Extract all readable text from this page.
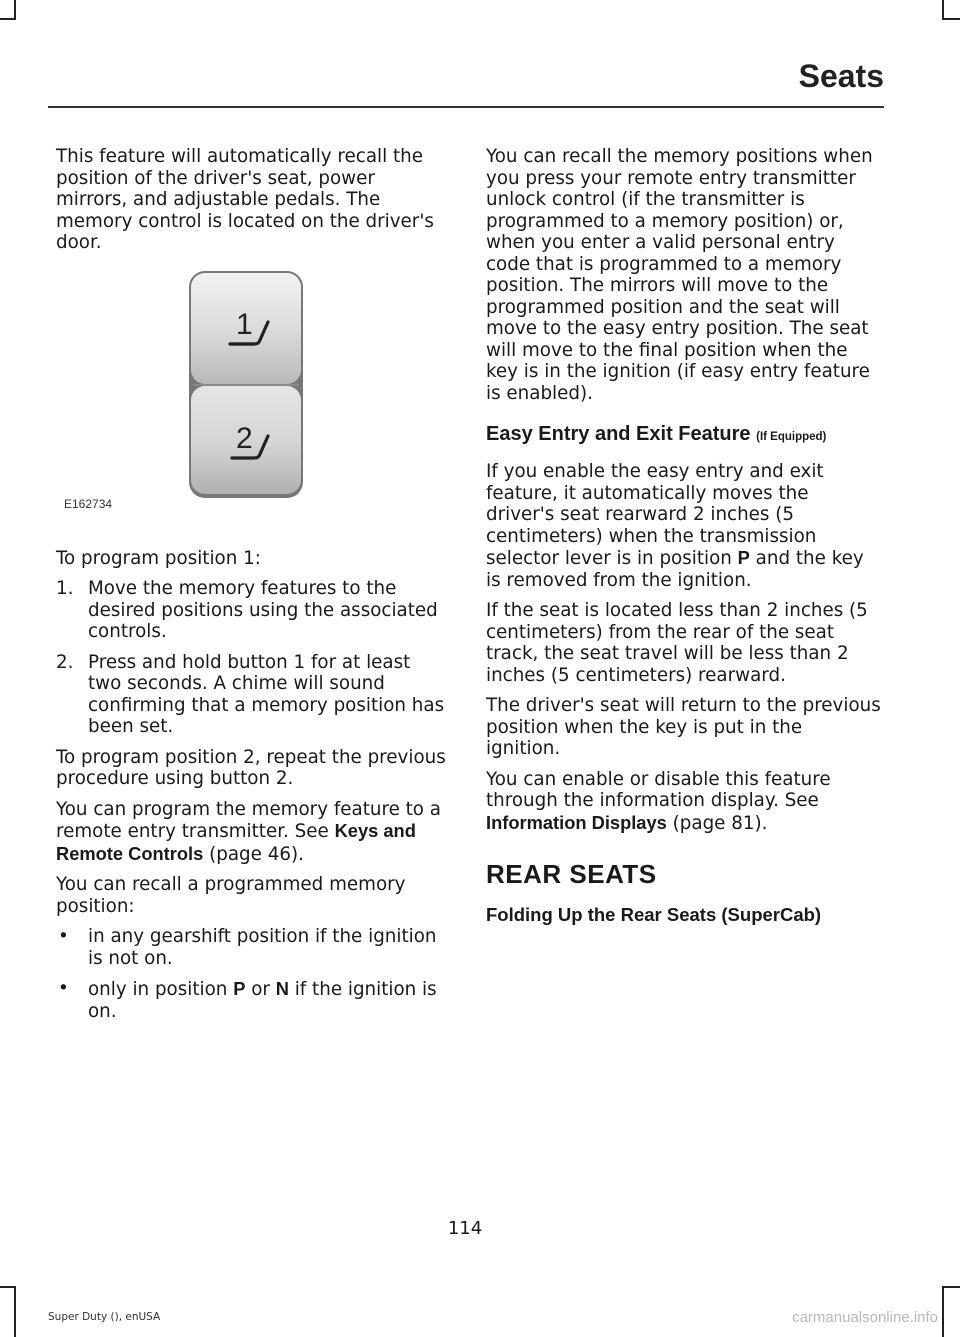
Seats

This feature will automatically recall the position of the driver's seat, power mirrors, and adjustable pedals. The memory control is located on the driver's door.

1
2
E162734

To program position 1:

1. Move the memory features to the desired positions using the associated controls.
2. Press and hold button 1 for at least two seconds. A chime will sound confirming that a memory position has been set.

To program position 2, repeat the previous procedure using button 2.

You can program the memory feature to a remote entry transmitter. See Keys and Remote Controls (page 46).

You can recall a programmed memory position:

• in any gearshift position if the ignition is not on.
• only in position P or N if the ignition is on.

You can recall the memory positions when you press your remote entry transmitter unlock control (if the transmitter is programmed to a memory position) or, when you enter a valid personal entry code that is programmed to a memory position. The mirrors will move to the programmed position and the seat will move to the easy entry position. The seat will move to the final position when the key is in the ignition (if easy entry feature is enabled).

Easy Entry and Exit Feature (If Equipped)

If you enable the easy entry and exit feature, it automatically moves the driver's seat rearward 2 inches (5 centimeters) when the transmission selector lever is in position P and the key is removed from the ignition.

If the seat is located less than 2 inches (5 centimeters) from the rear of the seat track, the seat travel will be less than 2 inches (5 centimeters) rearward.

The driver's seat will return to the previous position when the key is put in the ignition.

You can enable or disable this feature through the information display. See Information Displays (page 81).

REAR SEATS
Folding Up the Rear Seats (SuperCab)
114
Super Duty (), enUSA	carmanualsonline.info
